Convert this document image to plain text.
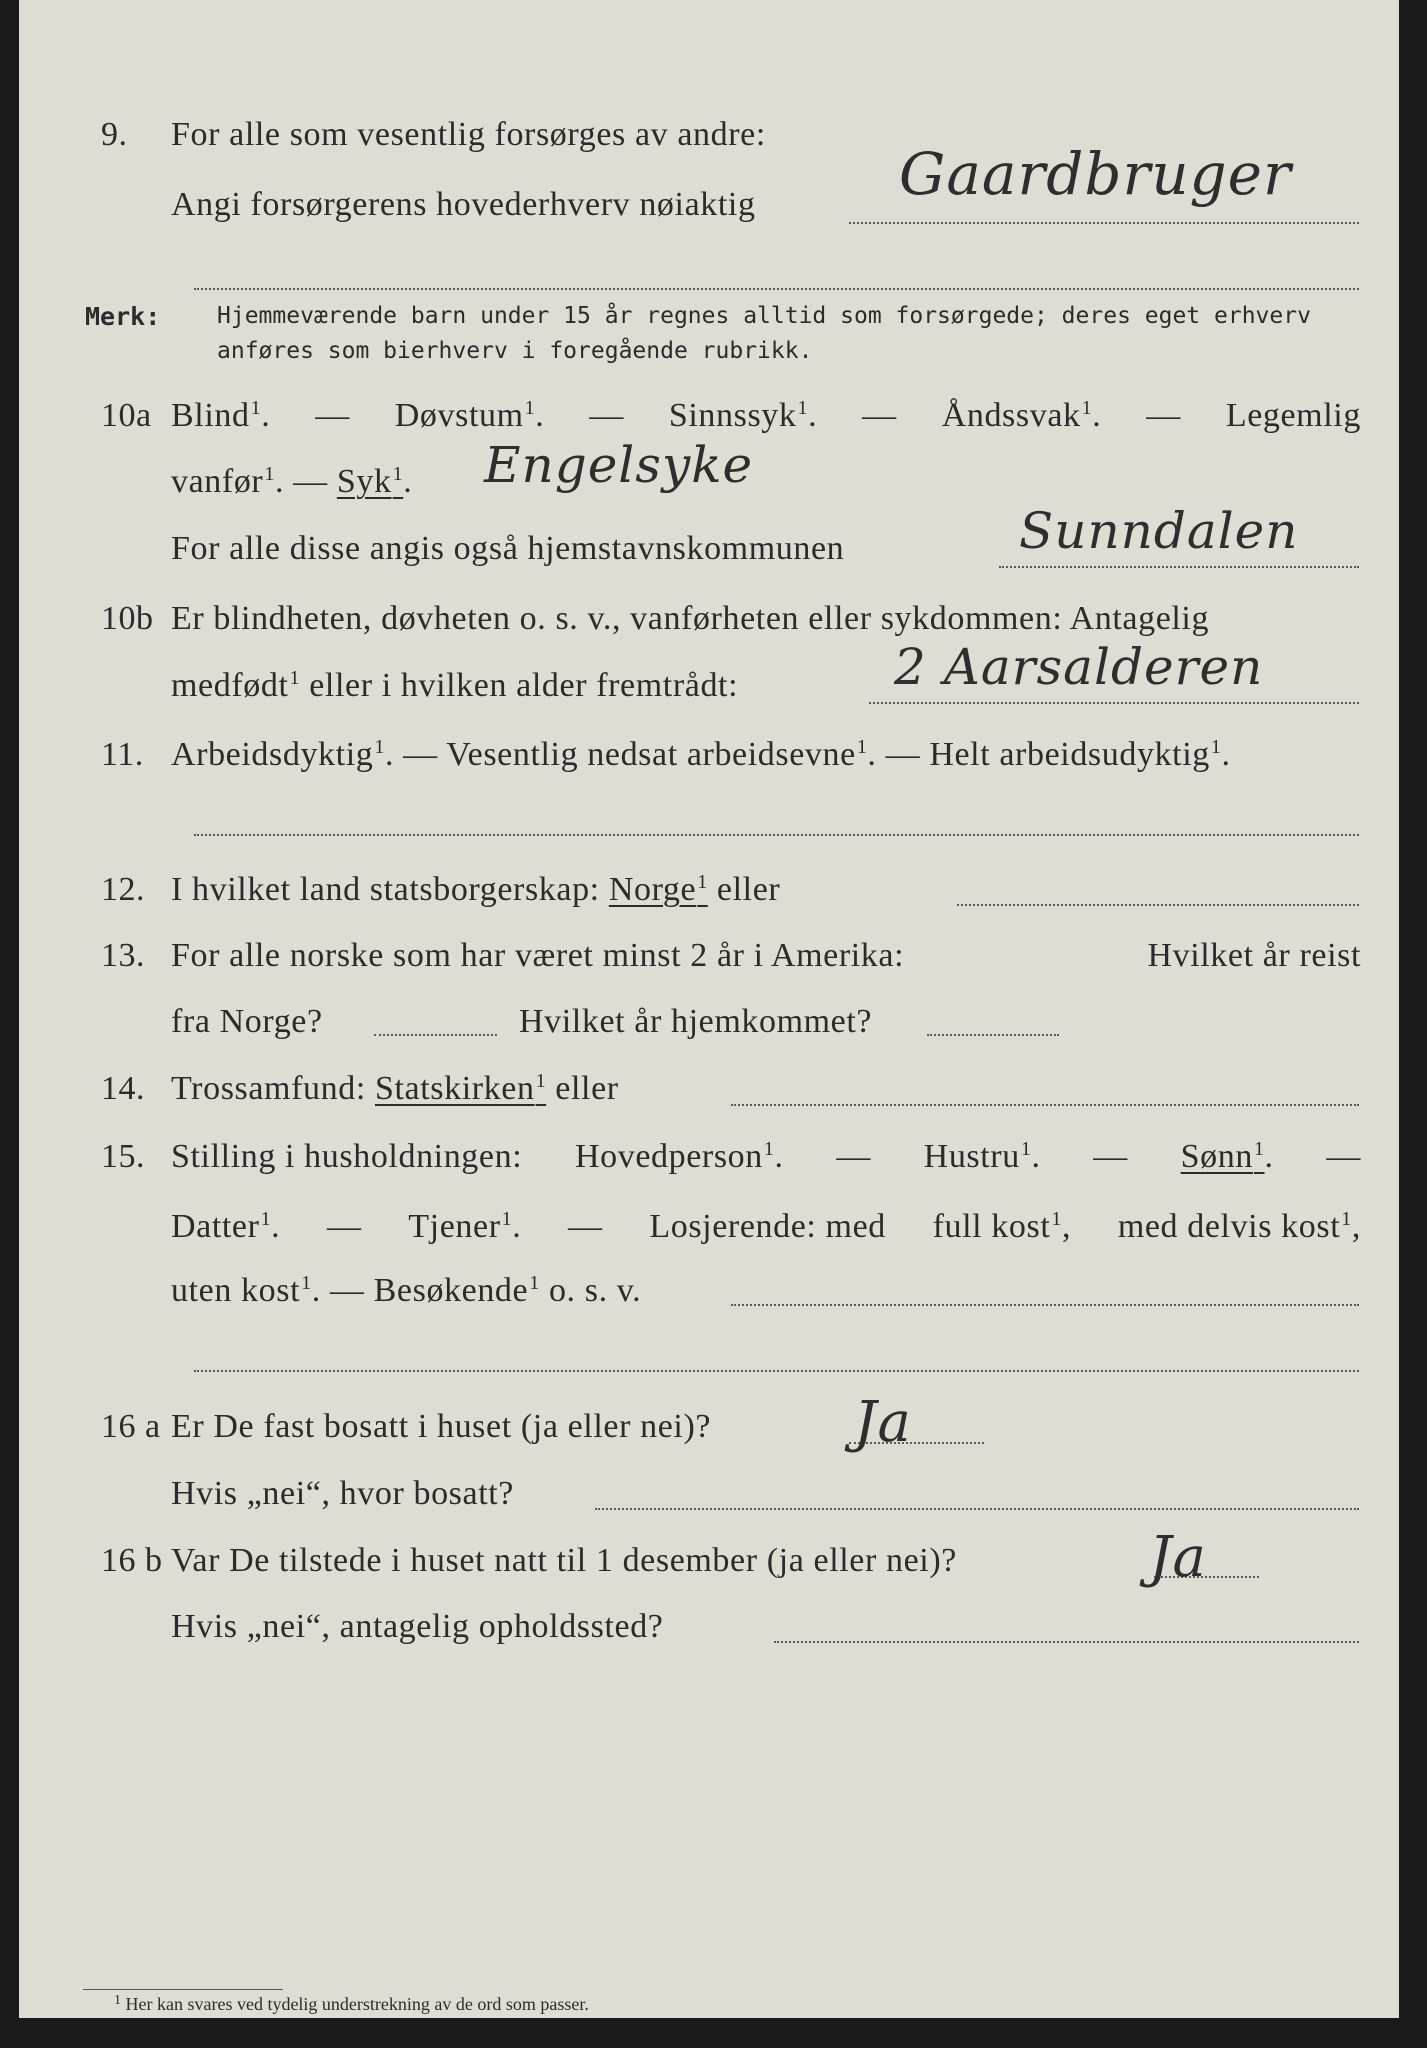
9. For alle som vesentlig forsørges av andre:
Angi forsørgerens hovederhverv nøiaktig Gaardbruger
Merk: Hjemmeværende barn under 15 år regnes alltid som forsørgede; deres eget erhverv
anføres som bierhverv i foregående rubrikk.
10a Blind$^1$. — Døvstum$^1$. — Sinnssyk$^1$. — Åndssvak$^1$. — Legemlig
vanfør$^1$. — Syk$^1$. Engelsyke
For alle disse angis også hjemstavnskommunen	Sunndalen
10b Er blindheten, døvheten o. s. v., vanførheten eller sykdommen: Antagelig
medfødt$^1$ eller i hvilken alder fremtrådt:	2 Aarsalderen
11. Arbeidsdyktig$^1$. — Vesentlig nedsat arbeidsevne$^1$. — Helt arbeidsudyktig$^1$.
12. I hvilket land statsborgerskap: Norge$^1$ eller
13. For alle norske som har været minst 2 år i Amerika:	Hvilket år reist
fra Norge?	Hvilket år hjemkommet?
14. Trossamfund: Statskirken$^1$ eller
15. Stilling i husholdningen: Hovedperson$^1$. — Hustru$^1$. — Sønn$^1$. —
Datter$^1$. — Tjener$^1$. — Losjerende: med full kost$^1$, med delvis kost$^1$,
uten kost$^1$. — Besøkende$^1$ o. s. v.
16 a Er De fast bosatt i huset (ja eller nei)?	Ja
Hvis „nei“, hvor bosatt?
16 b Var De tilstede i huset natt til 1 desember (ja eller nei)?	Ja
Hvis „nei“, antagelig opholdssted?
$^1$ Her kan svares ved tydelig understrekning av de ord som passer.
